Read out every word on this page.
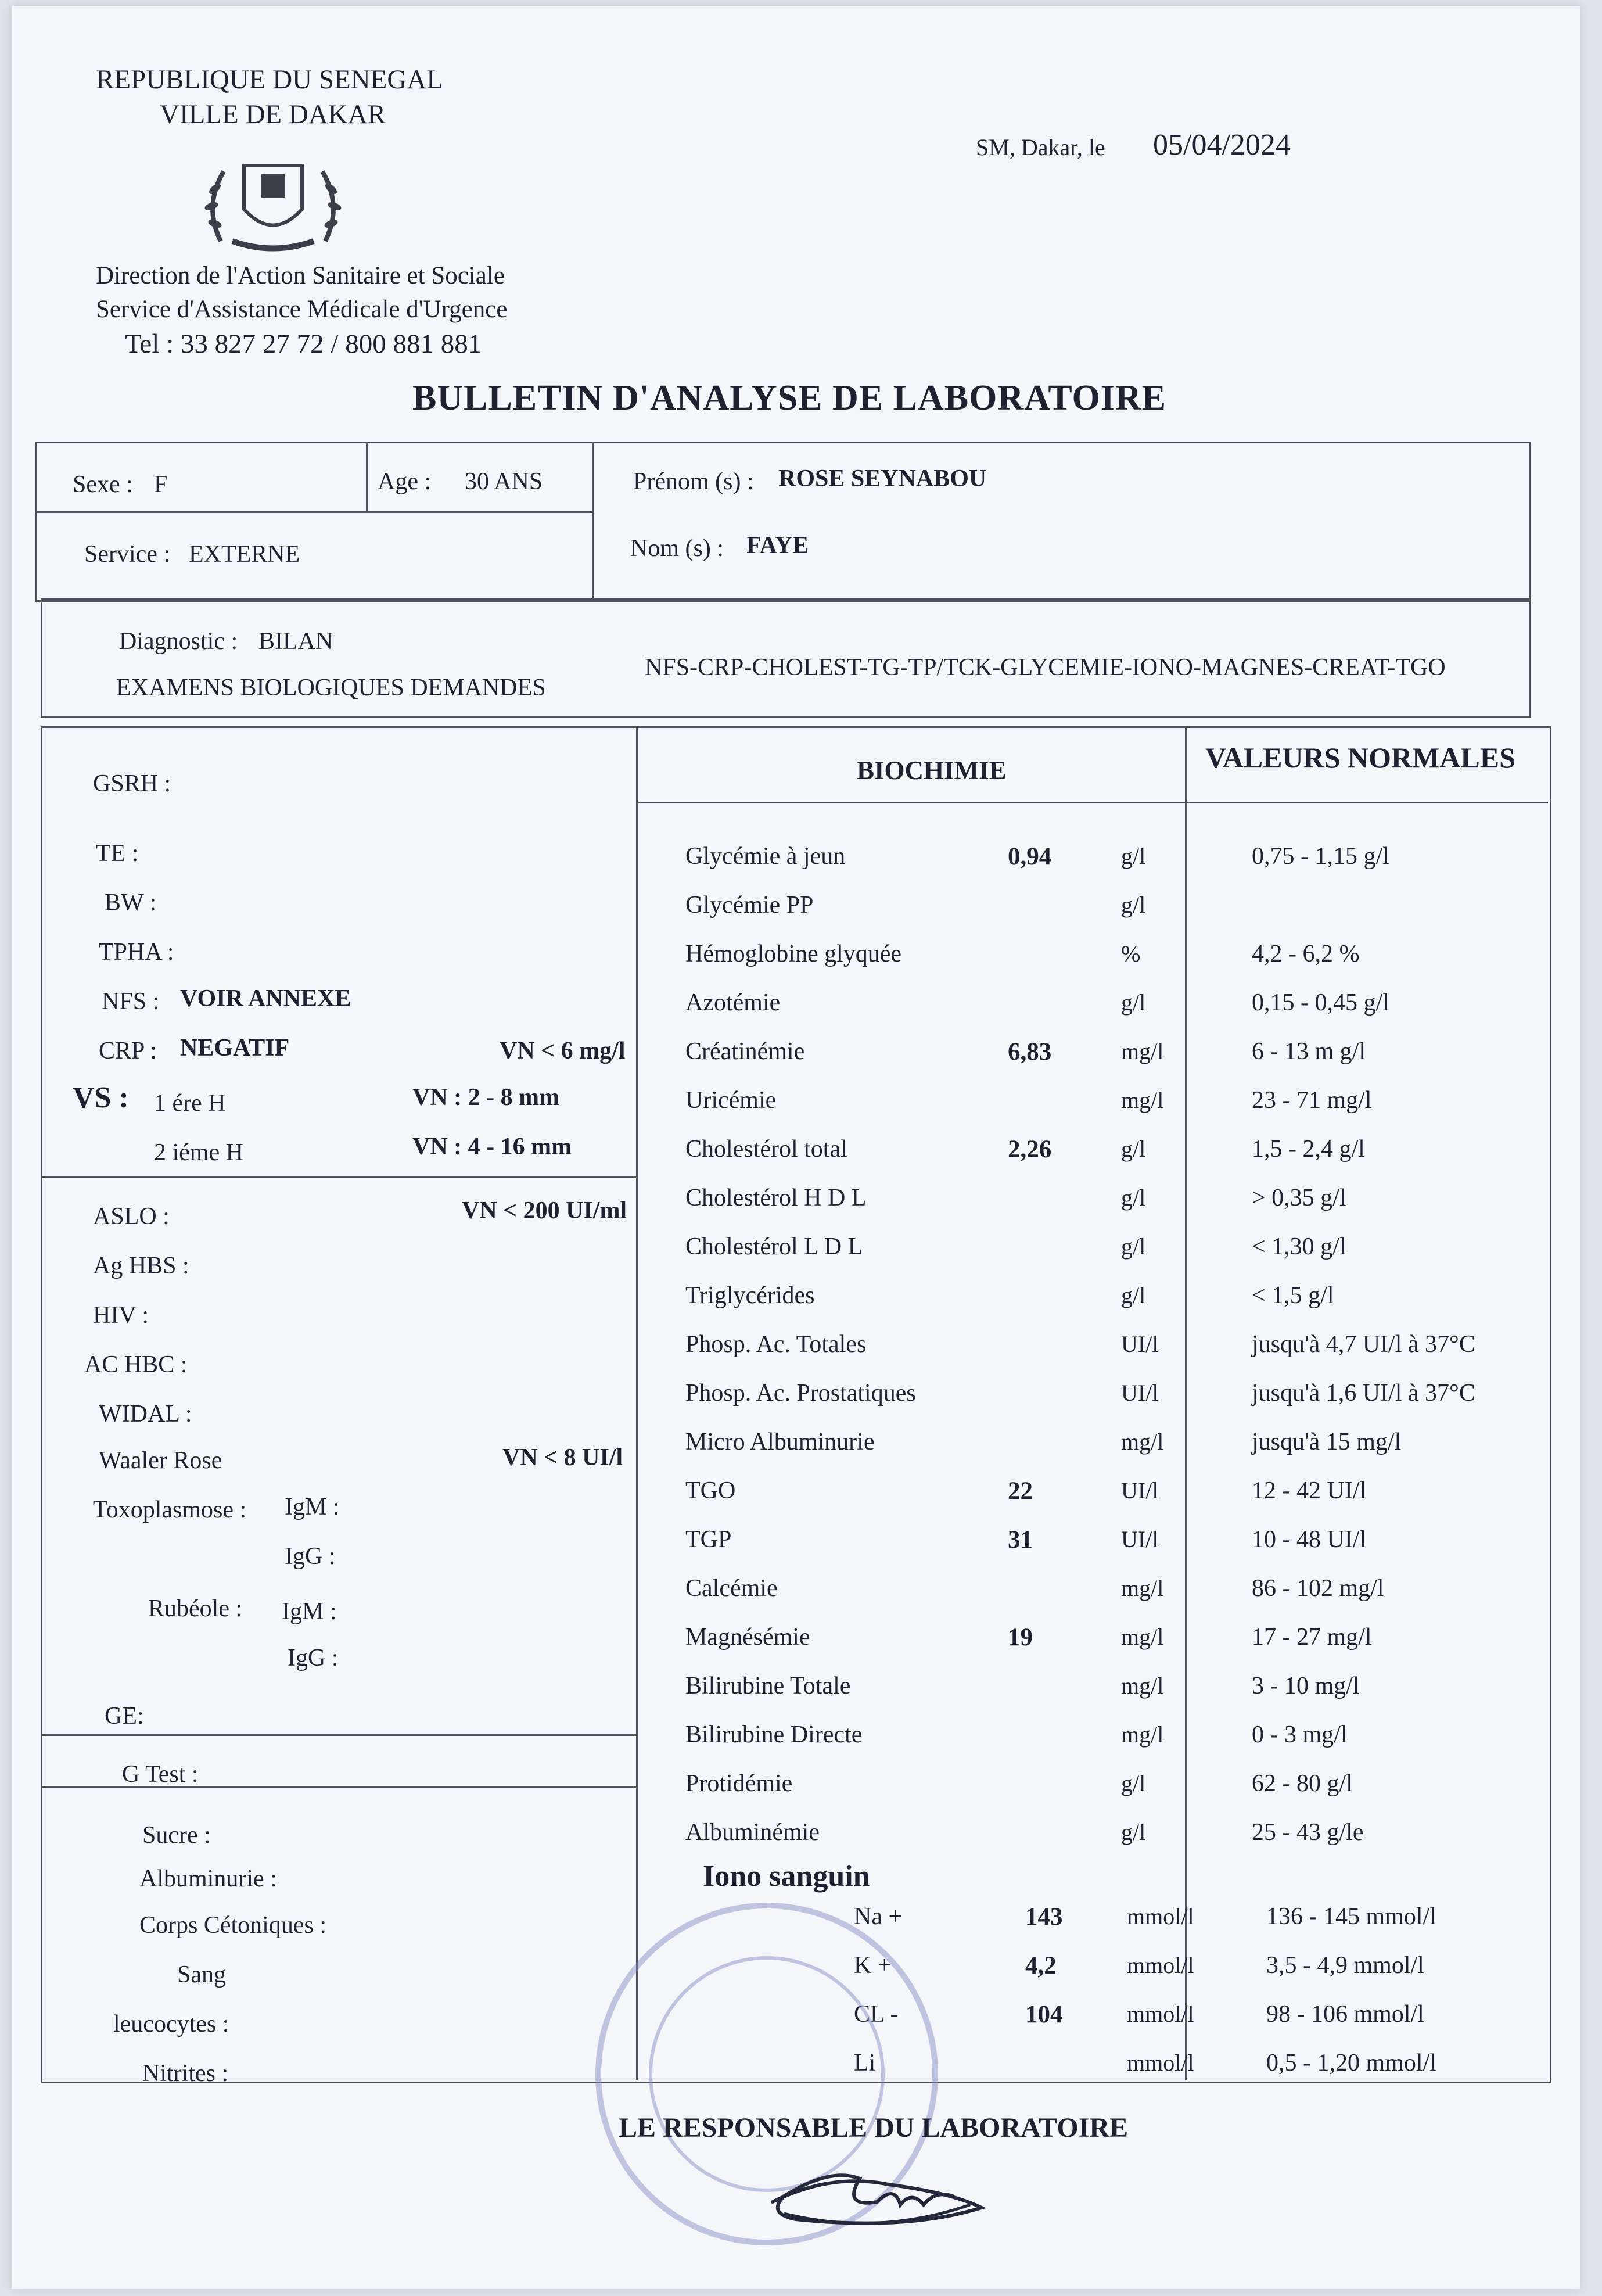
REPUBLIQUE DU SENEGAL
VILLE DE DAKAR
Direction de l'Action Sanitaire et Sociale
Service d'Assistance Médicale d'Urgence
Tel : 33 827 27 72 / 800 881 881
SM, Dakar, le 05/04/2024
BULLETIN D'ANALYSE DE LABORATOIRE
Sexe : F	Age : 30 ANS	Prénom (s) : ROSE SEYNABOU
Service : EXTERNE	Nom (s) : FAYE
Diagnostic : BILAN
EXAMENS BIOLOGIQUES DEMANDES
NFS-CRP-CHOLEST-TG-TP/TCK-GLYCEMIE-IONO-MAGNES-CREAT-TGO
GSRH :
TE :
BW :
TPHA :
NFS : VOIR ANNEXE
CRP : NEGATIF	VN < 6 mg/l
VS : 1 ére H	VN : 2 - 8 mm
2 iéme H	VN : 4 - 16 mm
ASLO :	VN < 200 UI/ml
Ag HBS :
HIV :
AC HBC :
WIDAL :
Waaler Rose	VN < 8 UI/l
Toxoplasmose : IgM :
IgG :
Rubéole : IgM :
IgG :
GE:
G Test :
Sucre :
Albuminurie :
Corps Cétoniques :
Sang
leucocytes :
Nitrites :
BIOCHIMIE	VALEURS NORMALES
Glycémie à jeun	0,94	g/l	0,75 - 1,15 g/l
Glycémie PP	g/l
Hémoglobine glyquée	%	4,2 - 6,2 %
Azotémie	g/l	0,15 - 0,45 g/l
Créatinémie	6,83	mg/l	6 - 13 m g/l
Uricémie	mg/l	23 - 71 mg/l
Cholestérol total	2,26	g/l	1,5 - 2,4 g/l
Cholestérol H D L	g/l	> 0,35 g/l
Cholestérol L D L	g/l	< 1,30 g/l
Triglycérides	g/l	< 1,5 g/l
Phosp. Ac. Totales	UI/l	jusqu'à 4,7 UI/l à 37°C
Phosp. Ac. Prostatiques	UI/l	jusqu'à 1,6 UI/l à 37°C
Micro Albuminurie	mg/l	jusqu'à 15 mg/l
TGO	22	UI/l	12 - 42 UI/l
TGP	31	UI/l	10 - 48 UI/l
Calcémie	mg/l	86 - 102 mg/l
Magnésémie	19	mg/l	17 - 27 mg/l
Bilirubine Totale	mg/l	3 - 10 mg/l
Bilirubine Directe	mg/l	0 - 3 mg/l
Protidémie	g/l	62 - 80 g/l
Albuminémie	g/l	25 - 43 g/le
Iono sanguin
Na +	143	mmol/l	136 - 145 mmol/l
K +	4,2	mmol/l	3,5 - 4,9 mmol/l
CL -	104	mmol/l	98 - 106 mmol/l
Li	mmol/l	0,5 - 1,20 mmol/l
LE RESPONSABLE DU LABORATOIRE
